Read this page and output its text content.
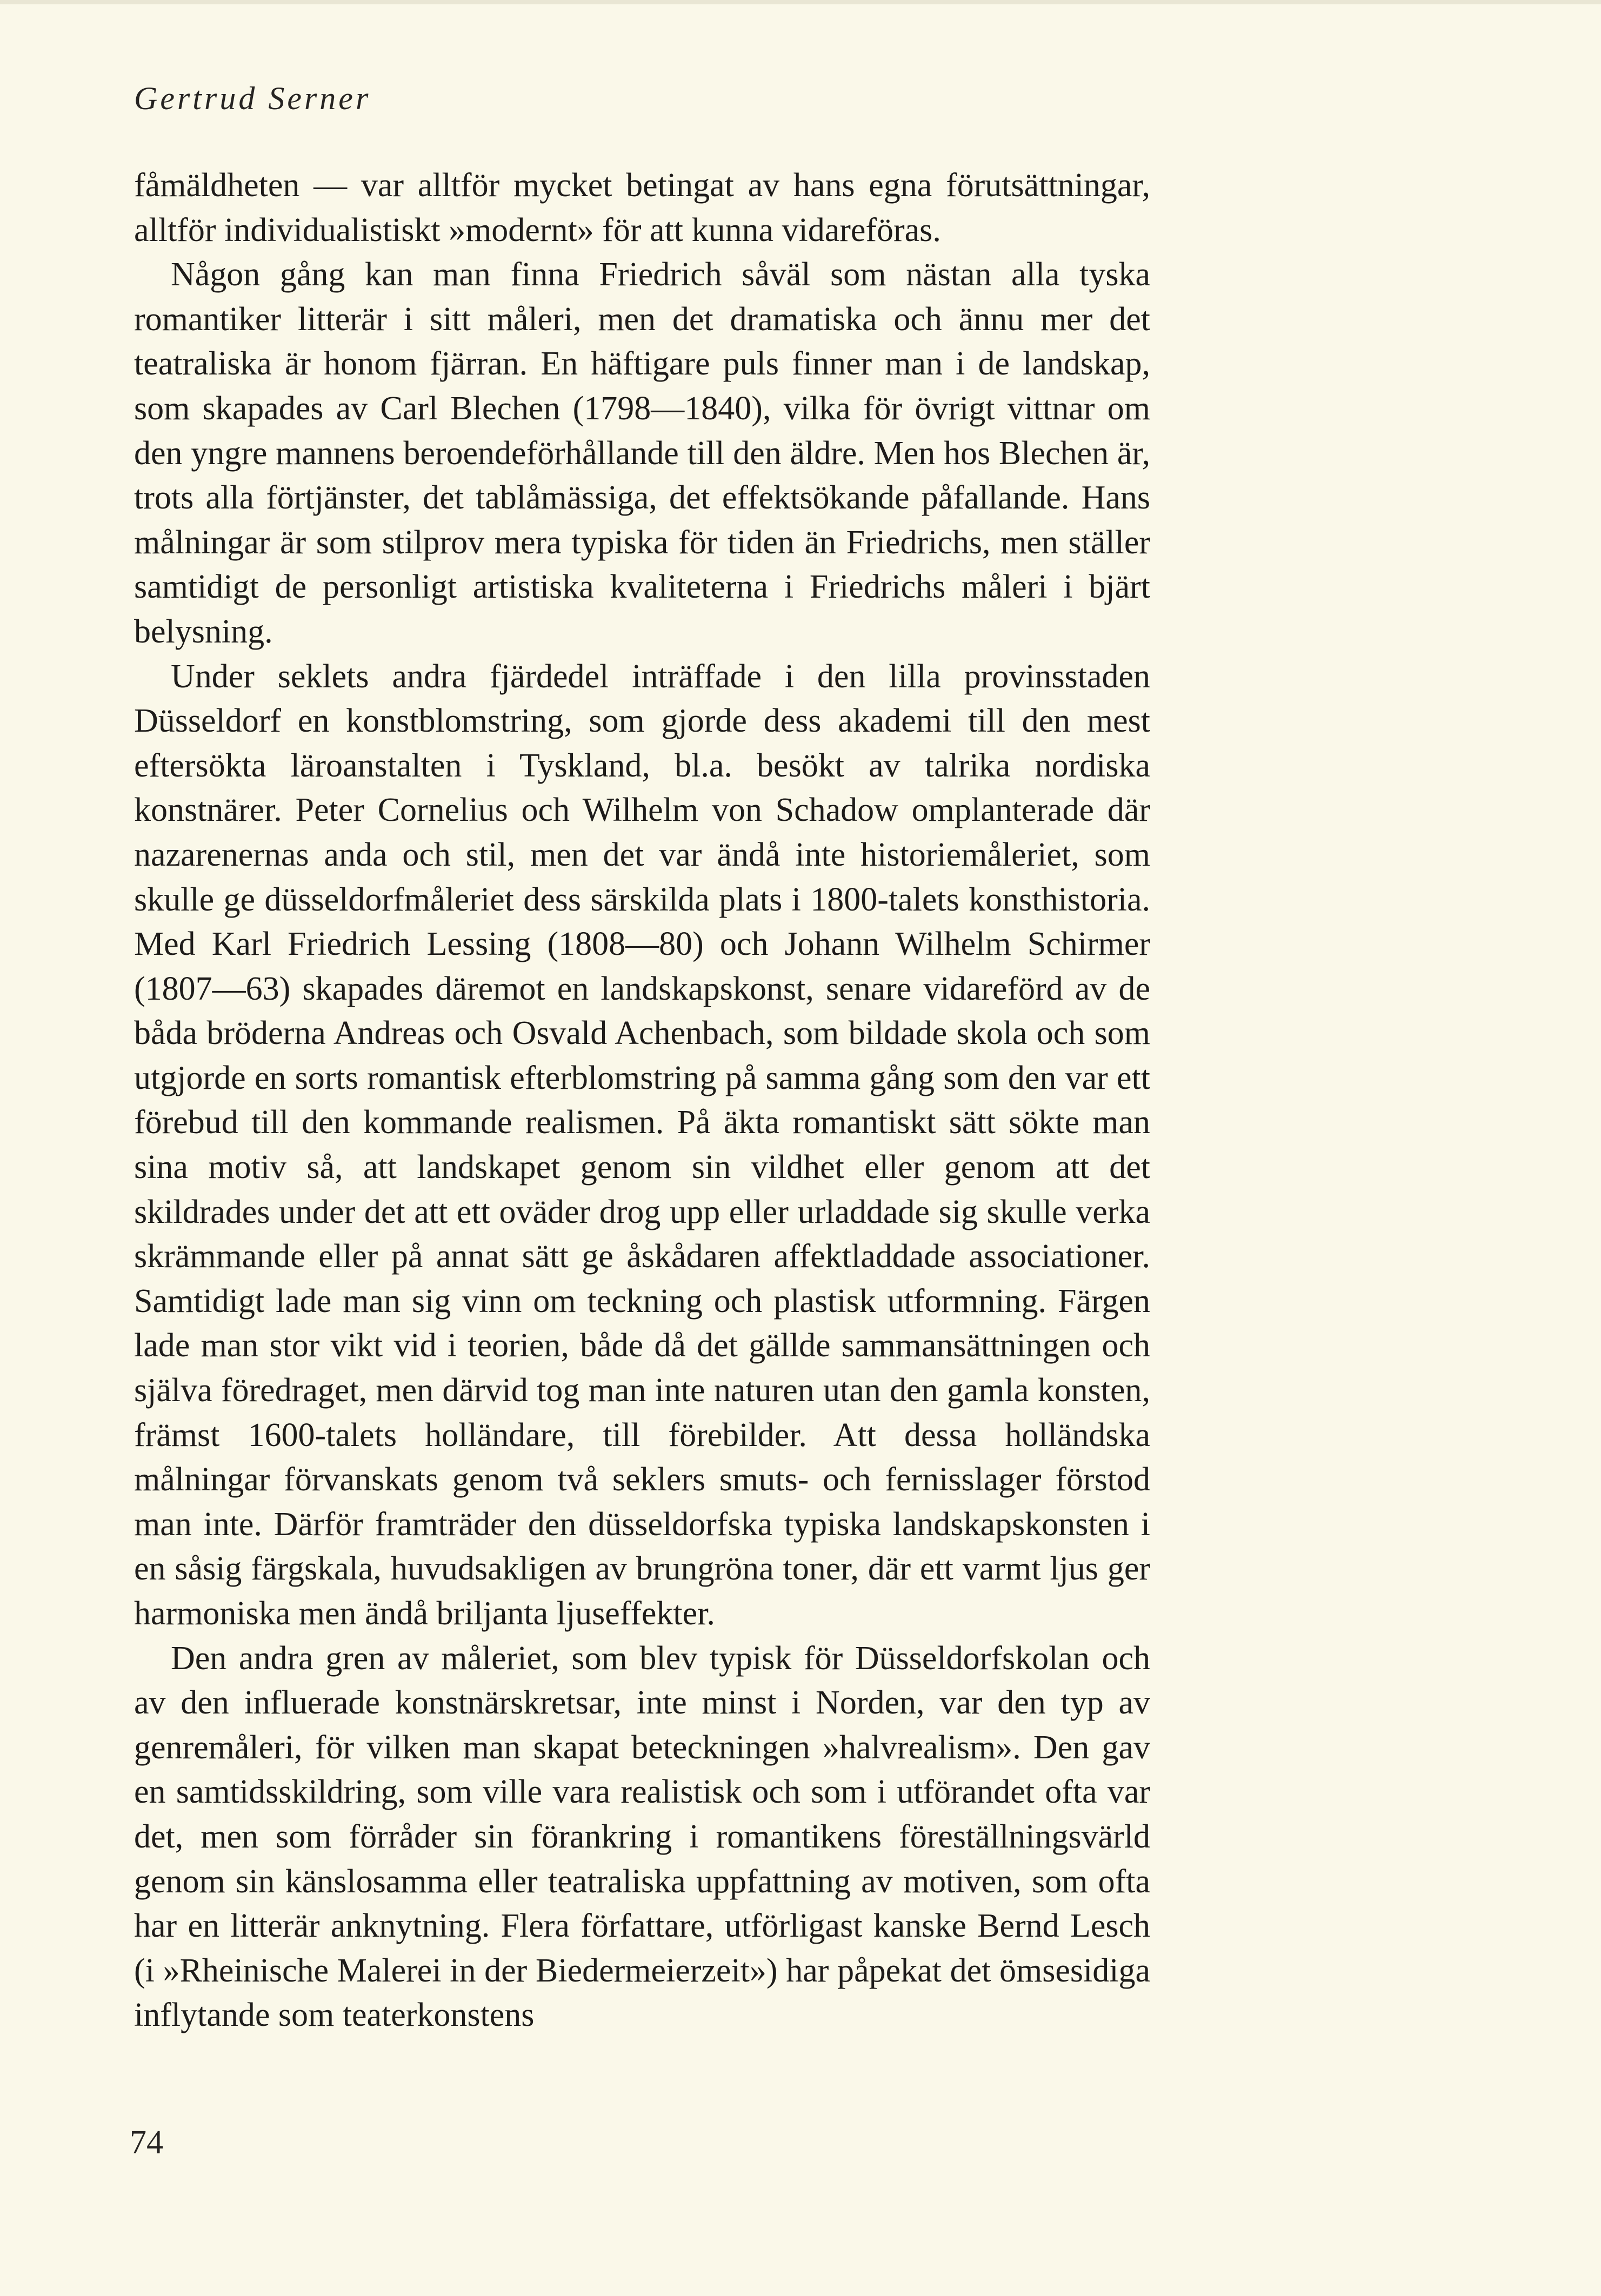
Gertrud Serner

fåmäldheten — var alltför mycket betingat av hans egna förutsättningar, alltför individualistiskt »modernt» för att kunna vidareföras.

Någon gång kan man finna Friedrich såväl som nästan alla tyska romantiker litterär i sitt måleri, men det dramatiska och ännu mer det teatraliska är honom fjärran. En häftigare puls finner man i de landskap, som skapades av Carl Blechen (1798—1840), vilka för övrigt vittnar om den yngre mannens beroendeförhållande till den äldre. Men hos Blechen är, trots alla förtjänster, det tablåmässiga, det effektsökande påfallande. Hans målningar är som stilprov mera typiska för tiden än Friedrichs, men ställer samtidigt de personligt artistiska kvaliteterna i Friedrichs måleri i bjärt belysning.

Under seklets andra fjärdedel inträffade i den lilla provinsstaden Düsseldorf en konstblomstring, som gjorde dess akademi till den mest eftersökta läroanstalten i Tyskland, bl.a. besökt av talrika nordiska konstnärer. Peter Cornelius och Wilhelm von Schadow omplanterade där nazarenernas anda och stil, men det var ändå inte historiemåleriet, som skulle ge düsseldorfmåleriet dess särskilda plats i 1800-talets konsthistoria. Med Karl Friedrich Lessing (1808—80) och Johann Wilhelm Schirmer (1807—63) skapades däremot en landskapskonst, senare vidareförd av de båda bröderna Andreas och Osvald Achenbach, som bildade skola och som utgjorde en sorts romantisk efterblomstring på samma gång som den var ett förebud till den kommande realismen. På äkta romantiskt sätt sökte man sina motiv så, att landskapet genom sin vildhet eller genom att det skildrades under det att ett oväder drog upp eller urladdade sig skulle verka skrämmande eller på annat sätt ge åskådaren affektladdade associationer. Samtidigt lade man sig vinn om teckning och plastisk utformning. Färgen lade man stor vikt vid i teorien, både då det gällde sammansättningen och själva föredraget, men därvid tog man inte naturen utan den gamla konsten, främst 1600-talets holländare, till förebilder. Att dessa holländska målningar förvanskats genom två seklers smuts- och fernisslager förstod man inte. Därför framträder den düsseldorfska typiska landskapskonsten i en såsig färgskala, huvudsakligen av brungröna toner, där ett varmt ljus ger harmoniska men ändå briljanta ljuseffekter.

Den andra gren av måleriet, som blev typisk för Düsseldorfskolan och av den influerade konstnärskretsar, inte minst i Norden, var den typ av genremåleri, för vilken man skapat beteckningen »halvrealism». Den gav en samtidsskildring, som ville vara realistisk och som i utförandet ofta var det, men som förråder sin förankring i romantikens föreställningsvärld genom sin känslosamma eller teatraliska uppfattning av motiven, som ofta har en litterär anknytning. Flera författare, utförligast kanske Bernd Lesch (i »Rheinische Malerei in der Biedermeierzeit») har påpekat det ömsesidiga inflytande som teaterkonstens

74
